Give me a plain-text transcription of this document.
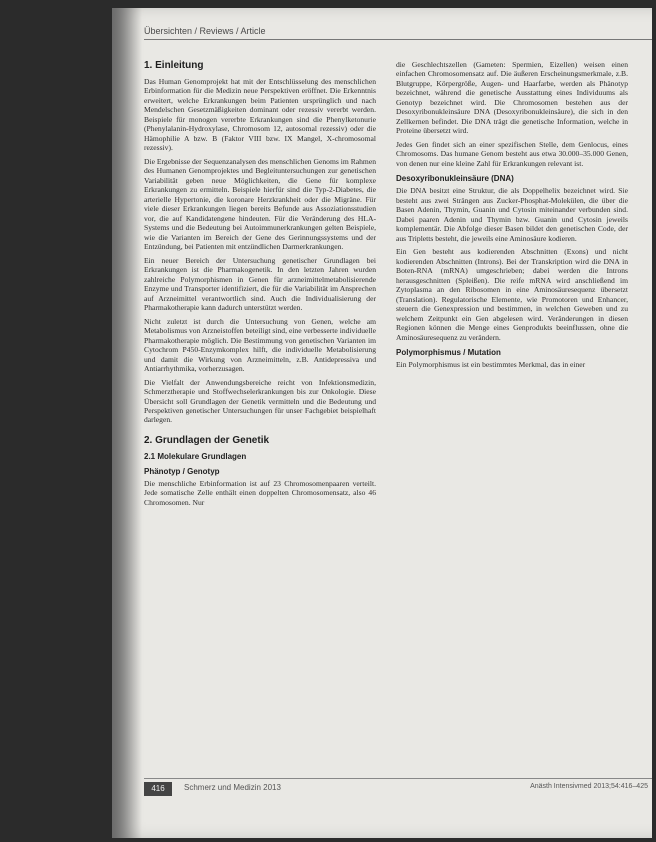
Übersichten / Reviews / Article
1. Einleitung

Das Human Genomprojekt hat mit der Entschlüsselung des menschlichen Erbinformation für die Medizin neue Perspektiven eröffnet. Die Erkenntnis erweitert, welche Erkrankungen beim Patienten ursprünglich und nach Mendelschen Gesetzmäßigkeiten dominant oder rezessiv vererbt werden. Beispiele für monogen vererbte Erkrankungen sind die Phenylketonurie (Phenylalanin-Hydroxylase, Chromosom 12, autosomal rezessiv) oder die Hämophilie A bzw. B (Faktor VIII bzw. IX Mangel, X-chromosomal rezessiv).

Die Ergebnisse der Sequenzanalysen des menschlichen Genoms im Rahmen des Humanen Genomprojektes und Begleituntersuchungen zur genetischen Variabilität geben neue Möglichkeiten, die Gene für komplexe Erkrankungen zu ermitteln. Beispiele hierfür sind die Typ-2-Diabetes, die arterielle Hypertonie, die koronare Herzkrankheit oder die Migräne. Für viele dieser Erkrankungen liegen bereits Befunde aus Assoziationsstudien vor, die auf Kandidatengene hindeuten. Für die Veränderung des HLA-Systems und die Bedeutung bei Autoimmunerkrankungen gelten Beispiele, wie die Varianten im Bereich der Gene des Gerinnungssystems und der Entzündung, bei Patienten mit entzündlichen Darmerkrankungen.

Ein neuer Bereich der Untersuchung genetischer Grundlagen bei Erkrankungen ist die Pharmakogenetik. In den letzten Jahren wurden zahlreiche Polymorphismen in Genen für arzneimittelmetabolisierende Enzyme und Transporter identifiziert, die für die Variabilität im Ansprechen auf Arzneimittel verantwortlich sind. Auch die Individualisierung der Pharmakotherapie kann dadurch unterstützt werden.

Nicht zuletzt ist durch die Untersuchung von Genen, welche am Metabolismus von Arzneistoffen beteiligt sind, eine verbesserte individuelle Pharmakotherapie möglich. Die Bestimmung von genetischen Varianten im Cytochrom P450-Enzymkomplex hilft, die individuelle Metabolisierung und damit die Wirkung von Arzneimitteln, z.B. Antidepressiva und Antiarrhythmika, vorherzusagen.

Die Vielfalt der Anwendungsbereiche reicht von Infektionsmedizin, Schmerztherapie und Stoffwechselerkrankungen bis zur Onkologie. Diese Übersicht soll Grundlagen der Genetik vermitteln und die Bedeutung und Perspektiven genetischer Untersuchungen für unser Fachgebiet beispielhaft darlegen.

2. Grundlagen der Genetik
2.1 Molekulare Grundlagen
Phänotyp / Genotyp

Die menschliche Erbinformation ist auf 23 Chromosomenpaaren verteilt. Jede somatische Zelle enthält einen doppelten Chromosomensatz, also 46 Chromosomen. Nur

die Geschlechtszellen (Gameten: Spermien, Eizellen) weisen einen einfachen Chromosomensatz auf. Die äußeren Erscheinungsmerkmale, z.B. Blutgruppe, Körpergröße, Augen- und Haarfarbe, werden als Phänotyp bezeichnet, während die genetische Ausstattung eines Individuums als Genotyp bezeichnet wird. Die Chromosomen bestehen aus der Desoxyribonukleinsäure DNA (Desoxyribonukleinsäure), die sich in den Zellkernen befindet. Die DNA trägt die genetische Information, welche in Proteine übersetzt wird.

Jedes Gen findet sich an einer spezifischen Stelle, dem Genlocus, eines Chromosoms. Das humane Genom besteht aus etwa 30.000–35.000 Genen, von denen nur eine kleine Zahl für Erkrankungen relevant ist.

Desoxyribonukleinsäure (DNA)

Die DNA besitzt eine Struktur, die als Doppelhelix bezeichnet wird. Sie besteht aus zwei Strängen aus Zucker-Phosphat-Molekülen, die über die Basen Adenin, Thymin, Guanin und Cytosin miteinander verbunden sind. Dabei paaren Adenin und Thymin bzw. Guanin und Cytosin jeweils komplementär. Die Abfolge dieser Basen bildet den genetischen Code, der aus Tripletts besteht, die jeweils eine Aminosäure kodieren.

Ein Gen besteht aus kodierenden Abschnitten (Exons) und nicht kodierenden Abschnitten (Introns). Bei der Transkription wird die DNA in Boten-RNA (mRNA) umgeschrieben; dabei werden die Introns herausgeschnitten (Spleißen). Die reife mRNA wird anschließend im Zytoplasma an den Ribosomen in eine Aminosäuresequenz übersetzt (Translation). Regulatorische Elemente, wie Promotoren und Enhancer, steuern die Genexpression und bestimmen, in welchen Geweben und zu welchem Zeitpunkt ein Gen abgelesen wird. Veränderungen in diesen Regionen können die Menge eines Genprodukts beeinflussen, ohne die Aminosäuresequenz zu verändern.

Polymorphismus / Mutation

Ein Polymorphismus ist ein bestimmtes Merkmal, das in einer

416	Schmerz und Medizin 2013	Anästh Intensivmed 2013;54:416–425
